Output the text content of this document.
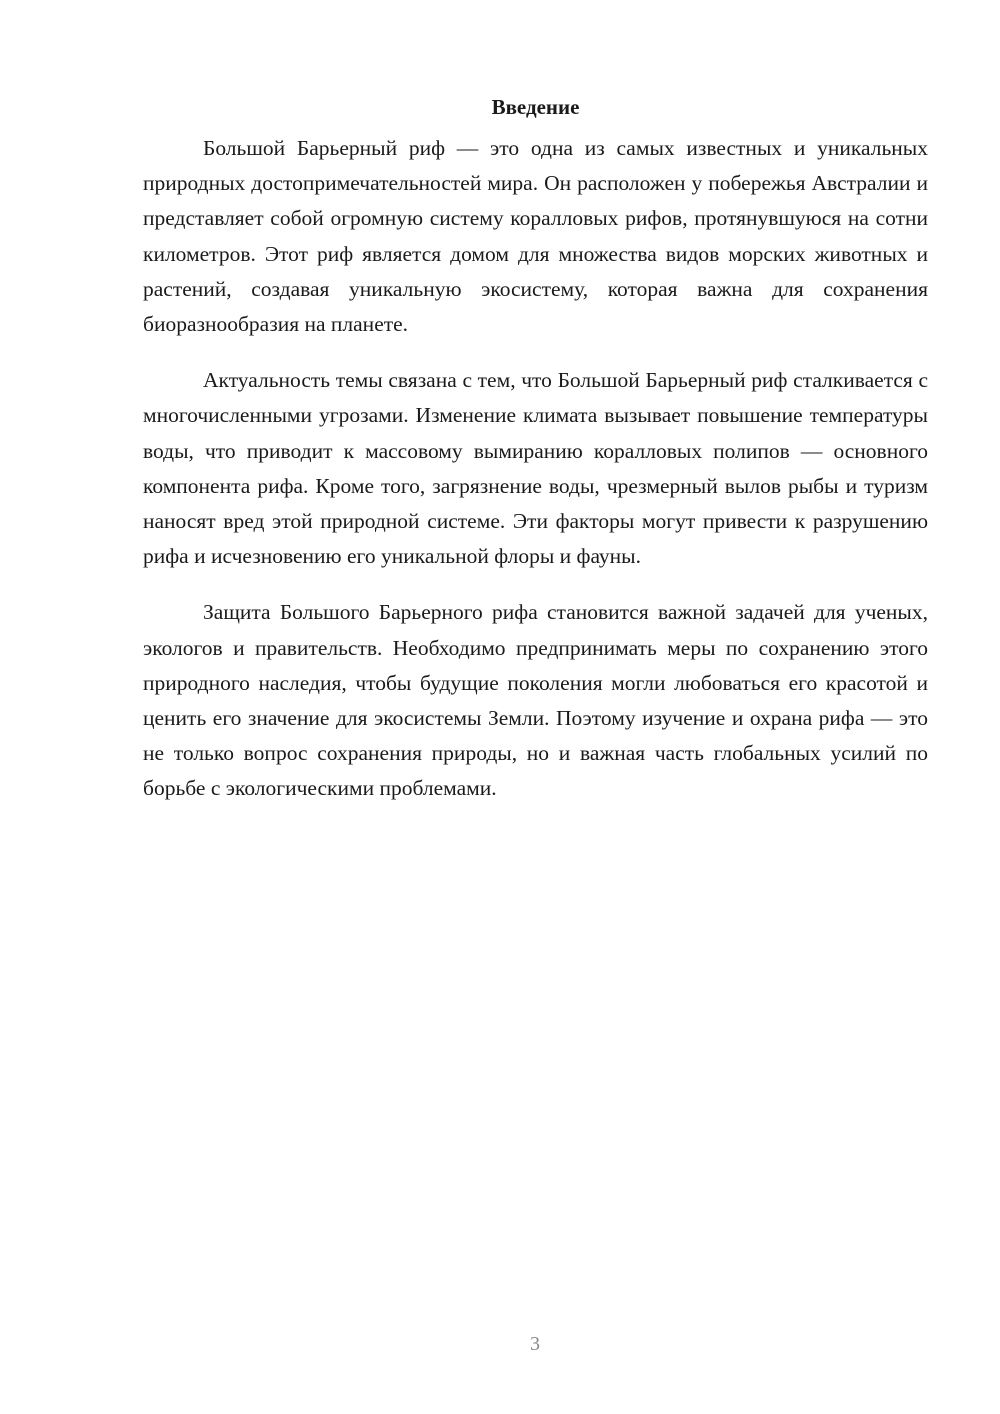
Введение

Большой Барьерный риф — это одна из самых известных и уникальных природных достопримечательностей мира. Он расположен у побережья Австралии и представляет собой огромную систему коралловых рифов, протянувшуюся на сотни километров. Этот риф является домом для множества видов морских животных и растений, создавая уникальную экосистему, которая важна для сохранения биоразнообразия на планете.

Актуальность темы связана с тем, что Большой Барьерный риф сталкивается с многочисленными угрозами. Изменение климата вызывает повышение температуры воды, что приводит к массовому вымиранию коралловых полипов — основного компонента рифа. Кроме того, загрязнение воды, чрезмерный вылов рыбы и туризм наносят вред этой природной системе. Эти факторы могут привести к разрушению рифа и исчезновению его уникальной флоры и фауны.

Защита Большого Барьерного рифа становится важной задачей для ученых, экологов и правительств. Необходимо предпринимать меры по сохранению этого природного наследия, чтобы будущие поколения могли любоваться его красотой и ценить его значение для экосистемы Земли. Поэтому изучение и охрана рифа — это не только вопрос сохранения природы, но и важная часть глобальных усилий по борьбе с экологическими проблемами.

3
